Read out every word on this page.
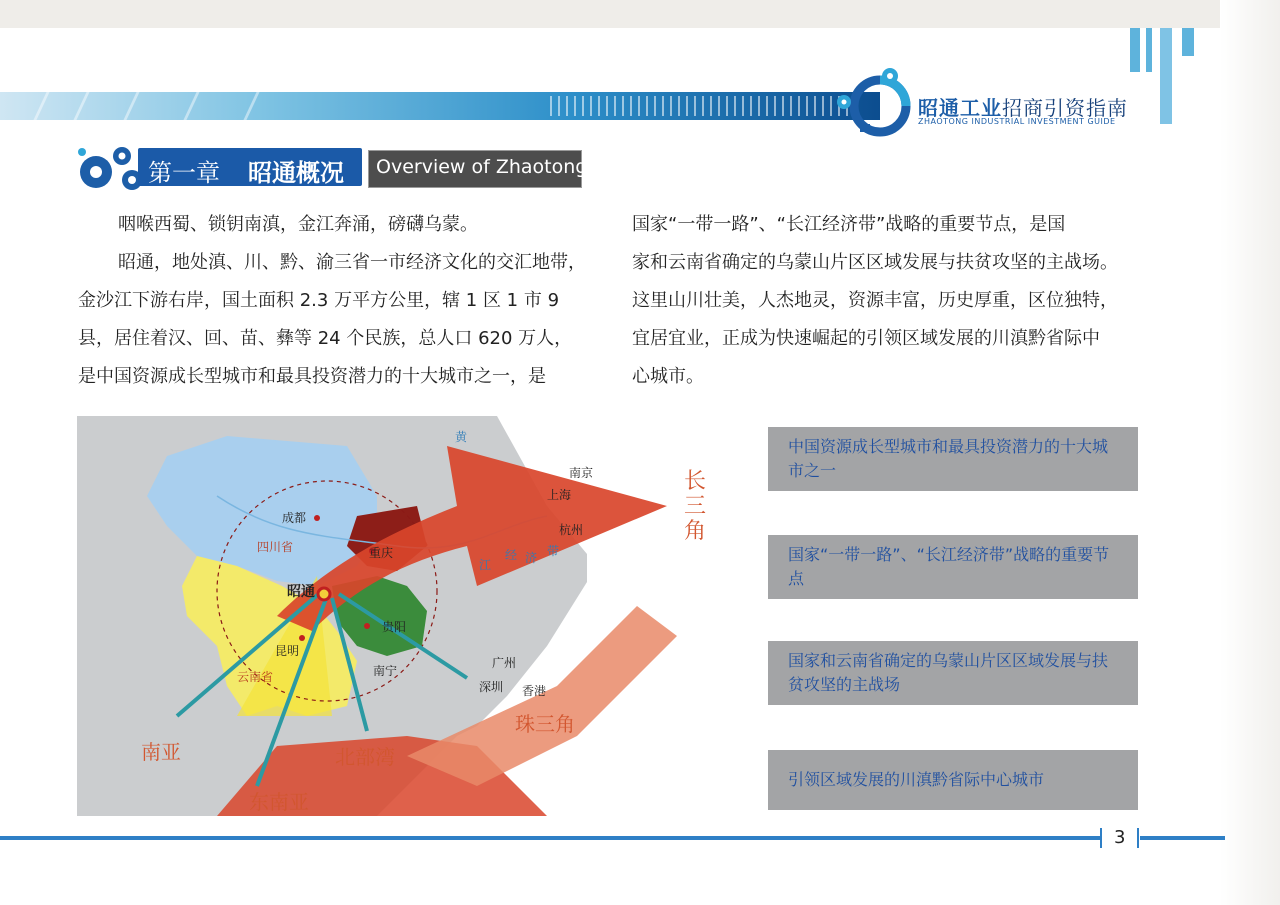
昭通工业招商引资指南
ZHAOTONG INDUSTRIAL INVESTMENT GUIDE
第一章 昭通概况 Overview of Zhaotong
咽喉西蜀、锁钥南滇，金江奔涌，磅礴乌蒙。
昭通，地处滇、川、黔、渝三省一市经济文化的交汇地带，
金沙江下游右岸，国土面积 2.3 万平方公里，辖 1 区 1 市 9
县，居住着汉、回、苗、彝等 24 个民族，总人口 620 万人，
是中国资源成长型城市和最具投资潜力的十大城市之一，是
国家“一带一路”、“长江经济带”战略的重要节点，是国
家和云南省确定的乌蒙山片区区域发展与扶贫攻坚的主战场。
这里山川壮美，人杰地灵，资源丰富，历史厚重，区位独特，
宜居宜业，正成为快速崛起的引领区域发展的川滇黔省际中
心城市。
成都
重庆
昭通
贵阳
昆明
南宁
广州
深圳 香港
南京
上海
杭州
四川省
云南省
黄
江
经 济 带
南亚
东南亚
北部湾
珠三角
长
三
角
中国资源成长型城市和最具投资潜力的十大城市之一
国家“一带一路”、“长江经济带”战略的重要节点
国家和云南省确定的乌蒙山片区区域发展与扶贫攻坚的主战场
引领区域发展的川滇黔省际中心城市
3
